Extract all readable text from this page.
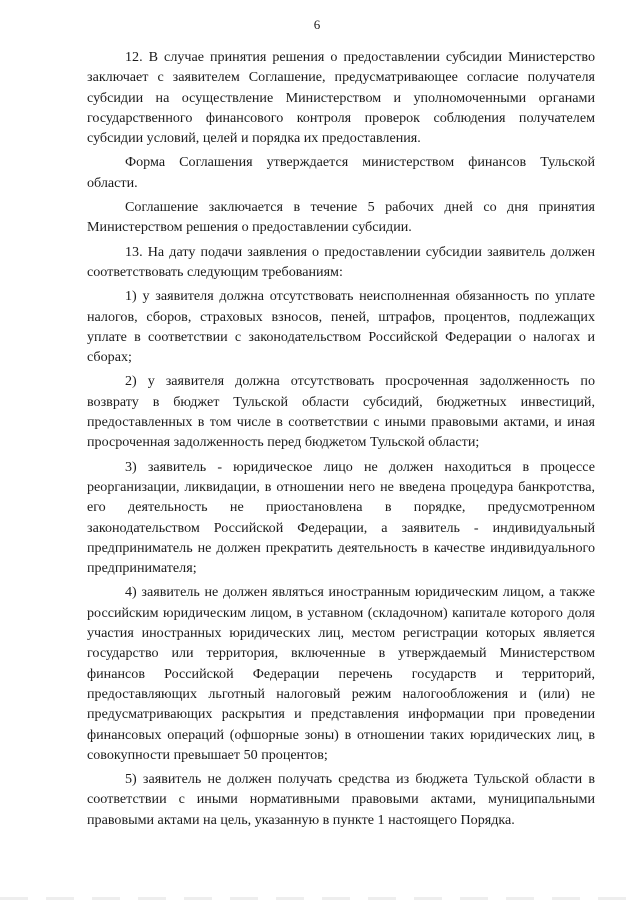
6

12. В случае принятия решения о предоставлении субсидии Министерство заключает с заявителем Соглашение, предусматривающее согласие получателя субсидии на осуществление Министерством и уполномоченными органами государственного финансового контроля проверок соблюдения получателем субсидии условий, целей и порядка их предоставления.

Форма Соглашения утверждается министерством финансов Тульской области.

Соглашение заключается в течение 5 рабочих дней со дня принятия Министерством решения о предоставлении субсидии.

13. На дату подачи заявления о предоставлении субсидии заявитель должен соответствовать следующим требованиям:

1) у заявителя должна отсутствовать неисполненная обязанность по уплате налогов, сборов, страховых взносов, пеней, штрафов, процентов, подлежащих уплате в соответствии с законодательством Российской Федерации о налогах и сборах;

2) у заявителя должна отсутствовать просроченная задолженность по возврату в бюджет Тульской области субсидий, бюджетных инвестиций, предоставленных в том числе в соответствии с иными правовыми актами, и иная просроченная задолженность перед бюджетом Тульской области;

3) заявитель - юридическое лицо не должен находиться в процессе реорганизации, ликвидации, в отношении него не введена процедура банкротства, его деятельность не приостановлена в порядке, предусмотренном законодательством Российской Федерации, а заявитель - индивидуальный предприниматель не должен прекратить деятельность в качестве индивидуального предпринимателя;

4) заявитель не должен являться иностранным юридическим лицом, а также российским юридическим лицом, в уставном (складочном) капитале которого доля участия иностранных юридических лиц, местом регистрации которых является государство или территория, включенные в утверждаемый Министерством финансов Российской Федерации перечень государств и территорий, предоставляющих льготный налоговый режим налогообложения и (или) не предусматривающих раскрытия и представления информации при проведении финансовых операций (офшорные зоны) в отношении таких юридических лиц, в совокупности превышает 50 процентов;

5) заявитель не должен получать средства из бюджета Тульской области в соответствии с иными нормативными правовыми актами, муниципальными правовыми актами на цель, указанную в пункте 1 настоящего Порядка.
